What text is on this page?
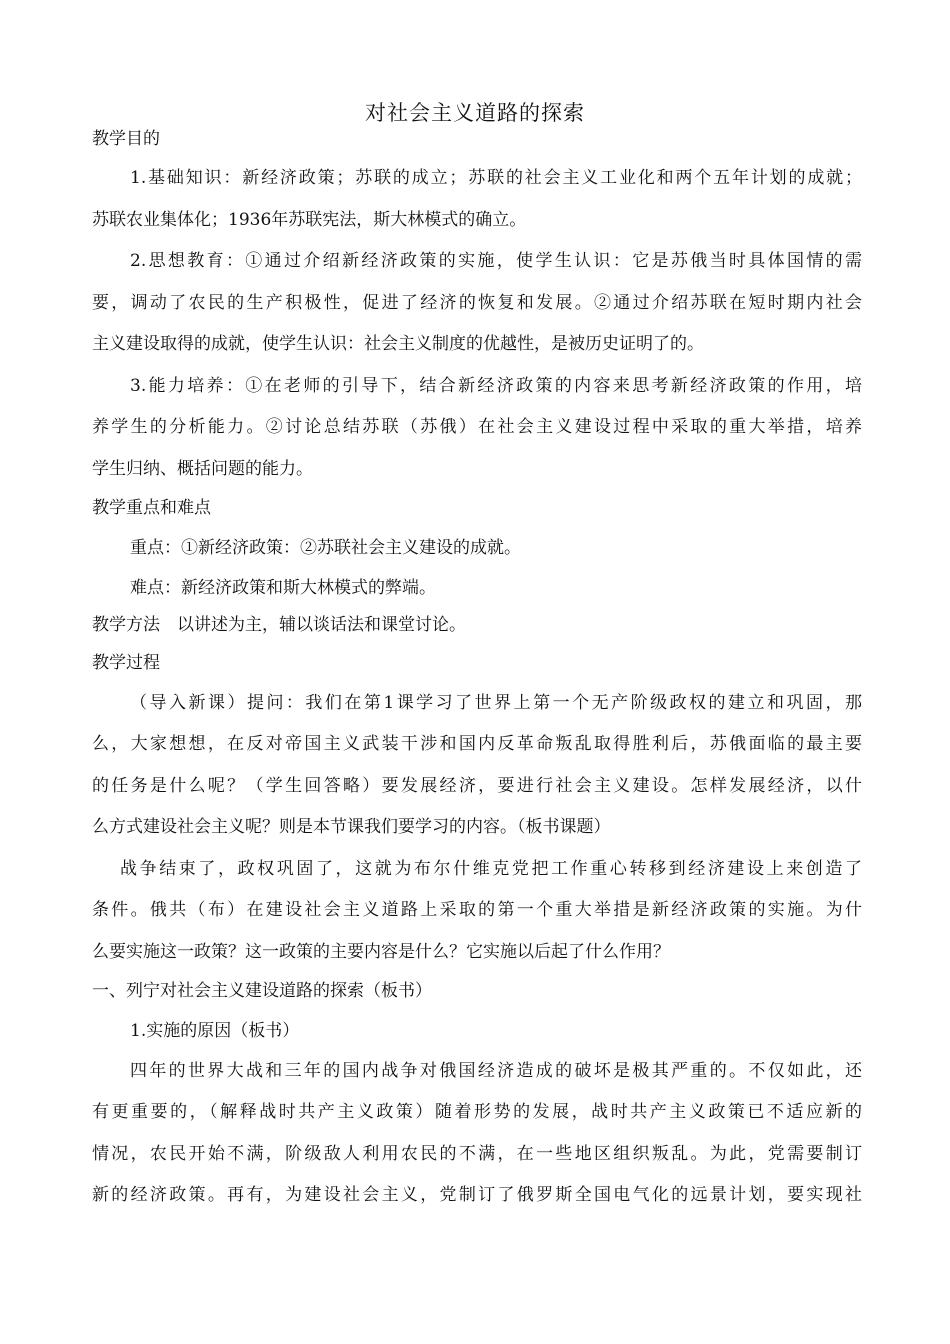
对社会主义道路的探索
教学目的
1.基础知识：新经济政策；苏联的成立；苏联的社会主义工业化和两个五年计划的成就；
苏联农业集体化；1936年苏联宪法，斯大林模式的确立。
2.思想教育：①通过介绍新经济政策的实施，使学生认识：它是苏俄当时具体国情的需
要，调动了农民的生产积极性，促进了经济的恢复和发展。②通过介绍苏联在短时期内社会
主义建设取得的成就，使学生认识：社会主义制度的优越性，是被历史证明了的。
3.能力培养：①在老师的引导下，结合新经济政策的内容来思考新经济政策的作用，培
养学生的分析能力。②讨论总结苏联（苏俄）在社会主义建设过程中采取的重大举措，培养
学生归纳、概括问题的能力。
教学重点和难点
重点：①新经济政策：②苏联社会主义建设的成就。
难点：新经济政策和斯大林模式的弊端。
教学方法　以讲述为主，辅以谈话法和课堂讨论。
教学过程
（导入新课）提问：我们在第1课学习了世界上第一个无产阶级政权的建立和巩固，那
么，大家想想，在反对帝国主义武装干涉和国内反革命叛乱取得胜利后，苏俄面临的最主要
的任务是什么呢？（学生回答略）要发展经济，要进行社会主义建设。怎样发展经济，以什
么方式建设社会主义呢？则是本节课我们要学习的内容。（板书课题）
战争结束了，政权巩固了，这就为布尔什维克党把工作重心转移到经济建设上来创造了
条件。俄共（布）在建设社会主义道路上采取的第一个重大举措是新经济政策的实施。为什
么要实施这一政策？这一政策的主要内容是什么？它实施以后起了什么作用？
一、列宁对社会主义建设道路的探索（板书）
1.实施的原因（板书）
四年的世界大战和三年的国内战争对俄国经济造成的破坏是极其严重的。不仅如此，还
有更重要的，（解释战时共产主义政策）随着形势的发展，战时共产主义政策已不适应新的
情况，农民开始不满，阶级敌人利用农民的不满，在一些地区组织叛乱。为此，党需要制订
新的经济政策。再有，为建设社会主义，党制订了俄罗斯全国电气化的远景计划，要实现社
